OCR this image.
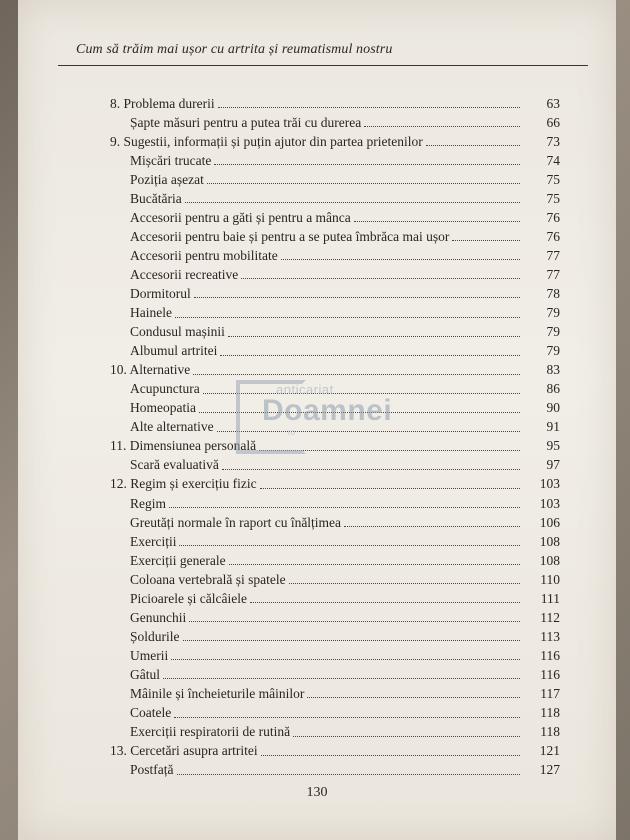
Cum să trăim mai ușor cu artrita și reumatismul nostru
8. Problema durerii	63
Șapte măsuri pentru a putea trăi cu durerea	66
9. Sugestii, informații și puțin ajutor din partea prietenilor	73
Mișcări trucate	74
Poziția așezat	75
Bucătăria	75
Accesorii pentru a găti și pentru a mânca	76
Accesorii pentru baie și pentru a se putea îmbrăca mai ușor	76
Accesorii pentru mobilitate	77
Accesorii recreative	77
Dormitorul	78
Hainele	79
Condusul mașinii	79
Albumul artritei	79
10. Alternative	83
Acupunctura	86
Homeopatia	90
Alte alternative	91
11. Dimensiunea personală	95
Scară evaluativă	97
12. Regim și exercițiu fizic	103
Regim	103
Greutăți normale în raport cu înălțimea	106
Exerciții	108
Exerciții generale	108
Coloana vertebrală și spatele	110
Picioarele și călcâiele	111
Genunchii	112
Șoldurile	113
Umerii	116
Gâtul	116
Mâinile și încheieturile mâinilor	117
Coatele	118
Exerciții respiratorii de rutină	118
13. Cercetări asupra artritei	121
Postfață	127
anticariat
Doamnei
ro
130
